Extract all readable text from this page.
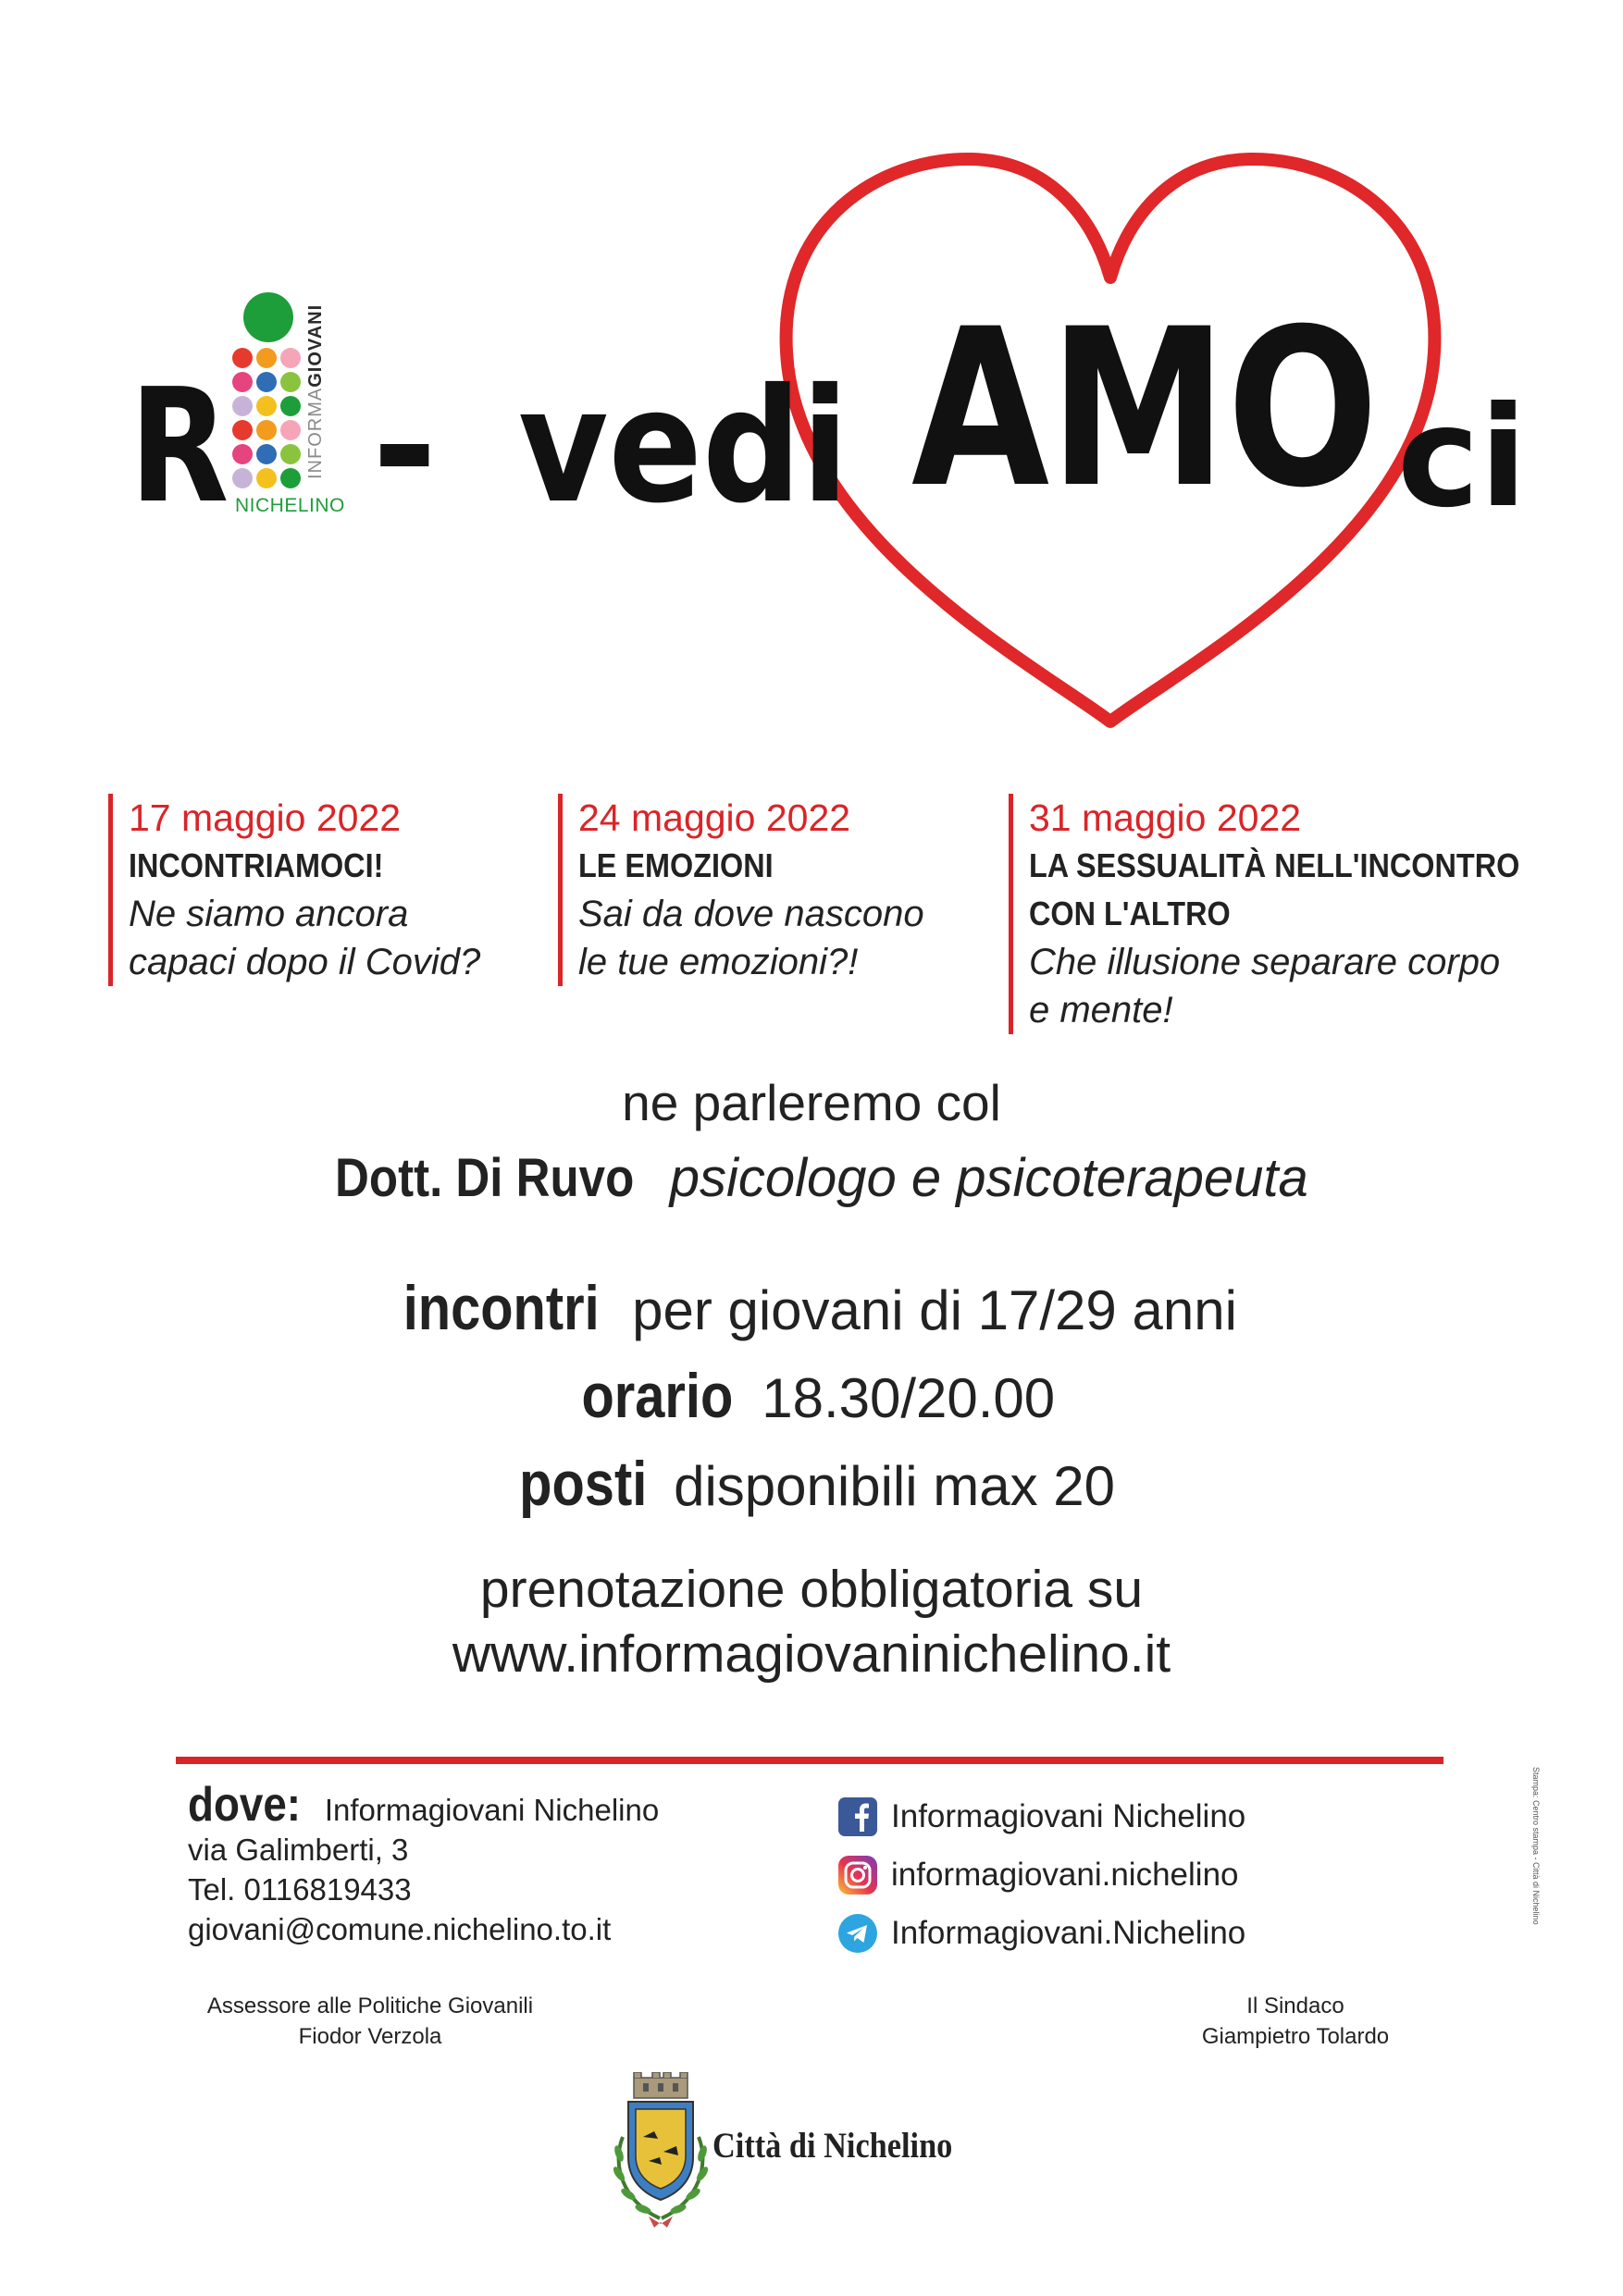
R - vedi AMO ci
INFORMAGIOVANI
NICHELINO
17 maggio 2022
INCONTRIAMOCI!
Ne siamo ancora
capaci dopo il Covid?
24 maggio 2022
LE EMOZIONI
Sai da dove nascono
le tue emozioni?!
31 maggio 2022
LA SESSUALITÀ NELL'INCONTRO
CON L'ALTRO
Che illusione separare corpo
e mente!
ne parleremo col
Dott. Di Ruvo psicologo e psicoterapeuta
incontri per giovani di 17/29 anni
orario 18.30/20.00
posti disponibili max 20
prenotazione obbligatoria su
www.informagiovaninichelino.it
dove: Informagiovani Nichelino
via Galimberti, 3
Tel. 0116819433
giovani@comune.nichelino.to.it
Informagiovani Nichelino
informagiovani.nichelino
Informagiovani.Nichelino
Assessore alle Politiche Giovanili
Fiodor Verzola
Il Sindaco
Giampietro Tolardo
Città di Nichelino
Stampa: Centro stampa - Città di Nichelino
